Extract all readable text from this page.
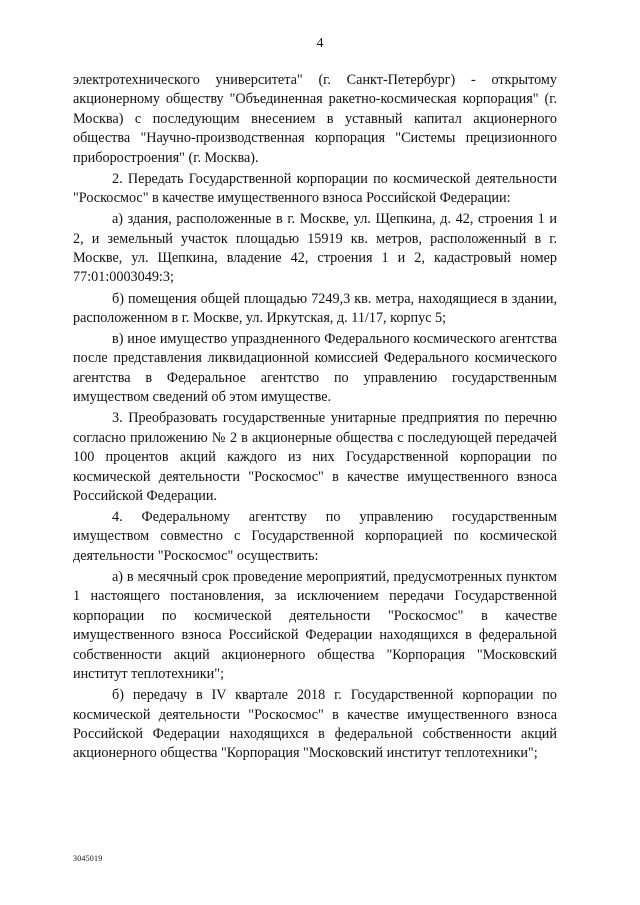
4

электротехнического университета" (г. Санкт-Петербург) - открытому акционерному обществу "Объединенная ракетно-космическая корпорация" (г. Москва) с последующим внесением в уставный капитал акционерного общества "Научно-производственная корпорация "Системы прецизионного приборостроения" (г. Москва).

2. Передать Государственной корпорации по космической деятельности "Роскосмос" в качестве имущественного взноса Российской Федерации:

а) здания, расположенные в г. Москве, ул. Щепкина, д. 42, строения 1 и 2, и земельный участок площадью 15919 кв. метров, расположенный в г. Москве, ул. Щепкина, владение 42, строения 1 и 2, кадастровый номер 77:01:0003049:3;

б) помещения общей площадью 7249,3 кв. метра, находящиеся в здании, расположенном в г. Москве, ул. Иркутская, д. 11/17, корпус 5;

в) иное имущество упраздненного Федерального космического агентства после представления ликвидационной комиссией Федерального космического агентства в Федеральное агентство по управлению государственным имуществом сведений об этом имуществе.

3. Преобразовать государственные унитарные предприятия по перечню согласно приложению № 2 в акционерные общества с последующей передачей 100 процентов акций каждого из них Государственной корпорации по космической деятельности "Роскосмос" в качестве имущественного взноса Российской Федерации.

4. Федеральному агентству по управлению государственным имуществом совместно с Государственной корпорацией по космической деятельности "Роскосмос" осуществить:

а) в месячный срок проведение мероприятий, предусмотренных пунктом 1 настоящего постановления, за исключением передачи Государственной корпорации по космической деятельности "Роскосмос" в качестве имущественного взноса Российской Федерации находящихся в федеральной собственности акций акционерного общества "Корпорация "Московский институт теплотехники";

б) передачу в IV квартале 2018 г. Государственной корпорации по космической деятельности "Роскосмос" в качестве имущественного взноса Российской Федерации находящихся в федеральной собственности акций акционерного общества "Корпорация "Московский институт теплотехники";

3045019
